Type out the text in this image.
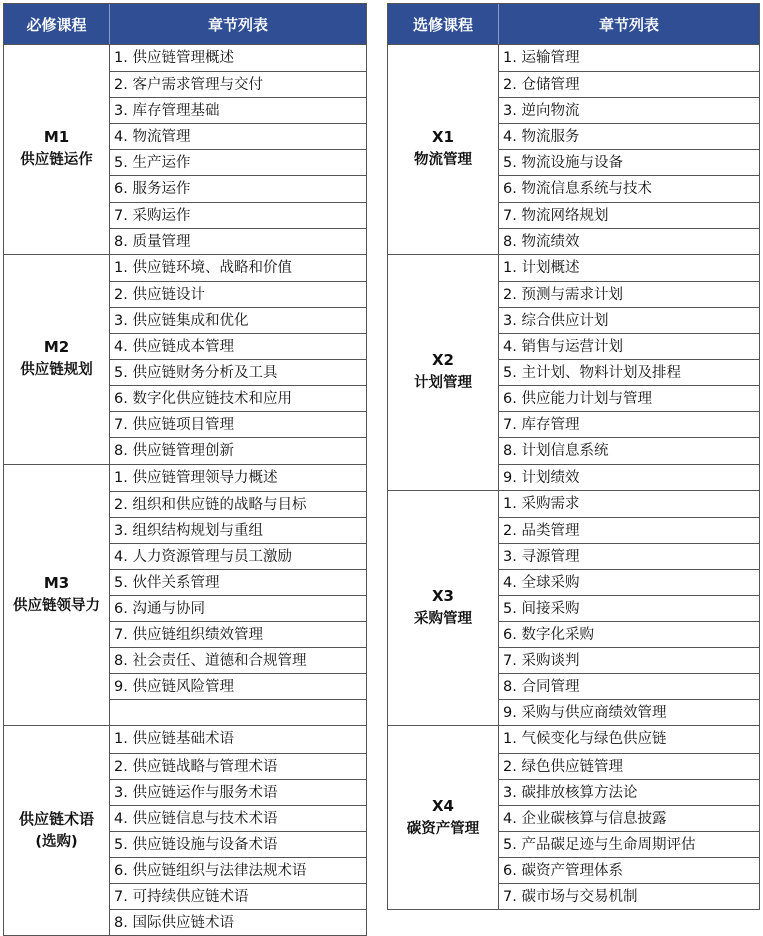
必修课程	章节列表
M1
供应链运作
1. 供应链管理概述
2. 客户需求管理与交付
3. 库存管理基础
4. 物流管理
5. 生产运作
6. 服务运作
7. 采购运作
8. 质量管理
M2
供应链规划
1. 供应链环境、战略和价值
2. 供应链设计
3. 供应链集成和优化
4. 供应链成本管理
5. 供应链财务分析及工具
6. 数字化供应链技术和应用
7. 供应链项目管理
8. 供应链管理创新
M3
供应链领导力
1. 供应链管理领导力概述
2. 组织和供应链的战略与目标
3. 组织结构规划与重组
4. 人力资源管理与员工激励
5. 伙伴关系管理
6. 沟通与协同
7. 供应链组织绩效管理
8. 社会责任、道德和合规管理
9. 供应链风险管理
供应链术语
(选购)
1. 供应链基础术语
2. 供应链战略与管理术语
3. 供应链运作与服务术语
4. 供应链信息与技术术语
5. 供应链设施与设备术语
6. 供应链组织与法律法规术语
7. 可持续供应链术语
8. 国际供应链术语
选修课程	章节列表
X1
物流管理
1. 运输管理
2. 仓储管理
3. 逆向物流
4. 物流服务
5. 物流设施与设备
6. 物流信息系统与技术
7. 物流网络规划
8. 物流绩效
X2
计划管理
1. 计划概述
2. 预测与需求计划
3. 综合供应计划
4. 销售与运营计划
5. 主计划、物料计划及排程
6. 供应能力计划与管理
7. 库存管理
8. 计划信息系统
9. 计划绩效
X3
采购管理
1. 采购需求
2. 品类管理
3. 寻源管理
4. 全球采购
5. 间接采购
6. 数字化采购
7. 采购谈判
8. 合同管理
9. 采购与供应商绩效管理
X4
碳资产管理
1. 气候变化与绿色供应链
2. 绿色供应链管理
3. 碳排放核算方法论
4. 企业碳核算与信息披露
5. 产品碳足迹与生命周期评估
6. 碳资产管理体系
7. 碳市场与交易机制
